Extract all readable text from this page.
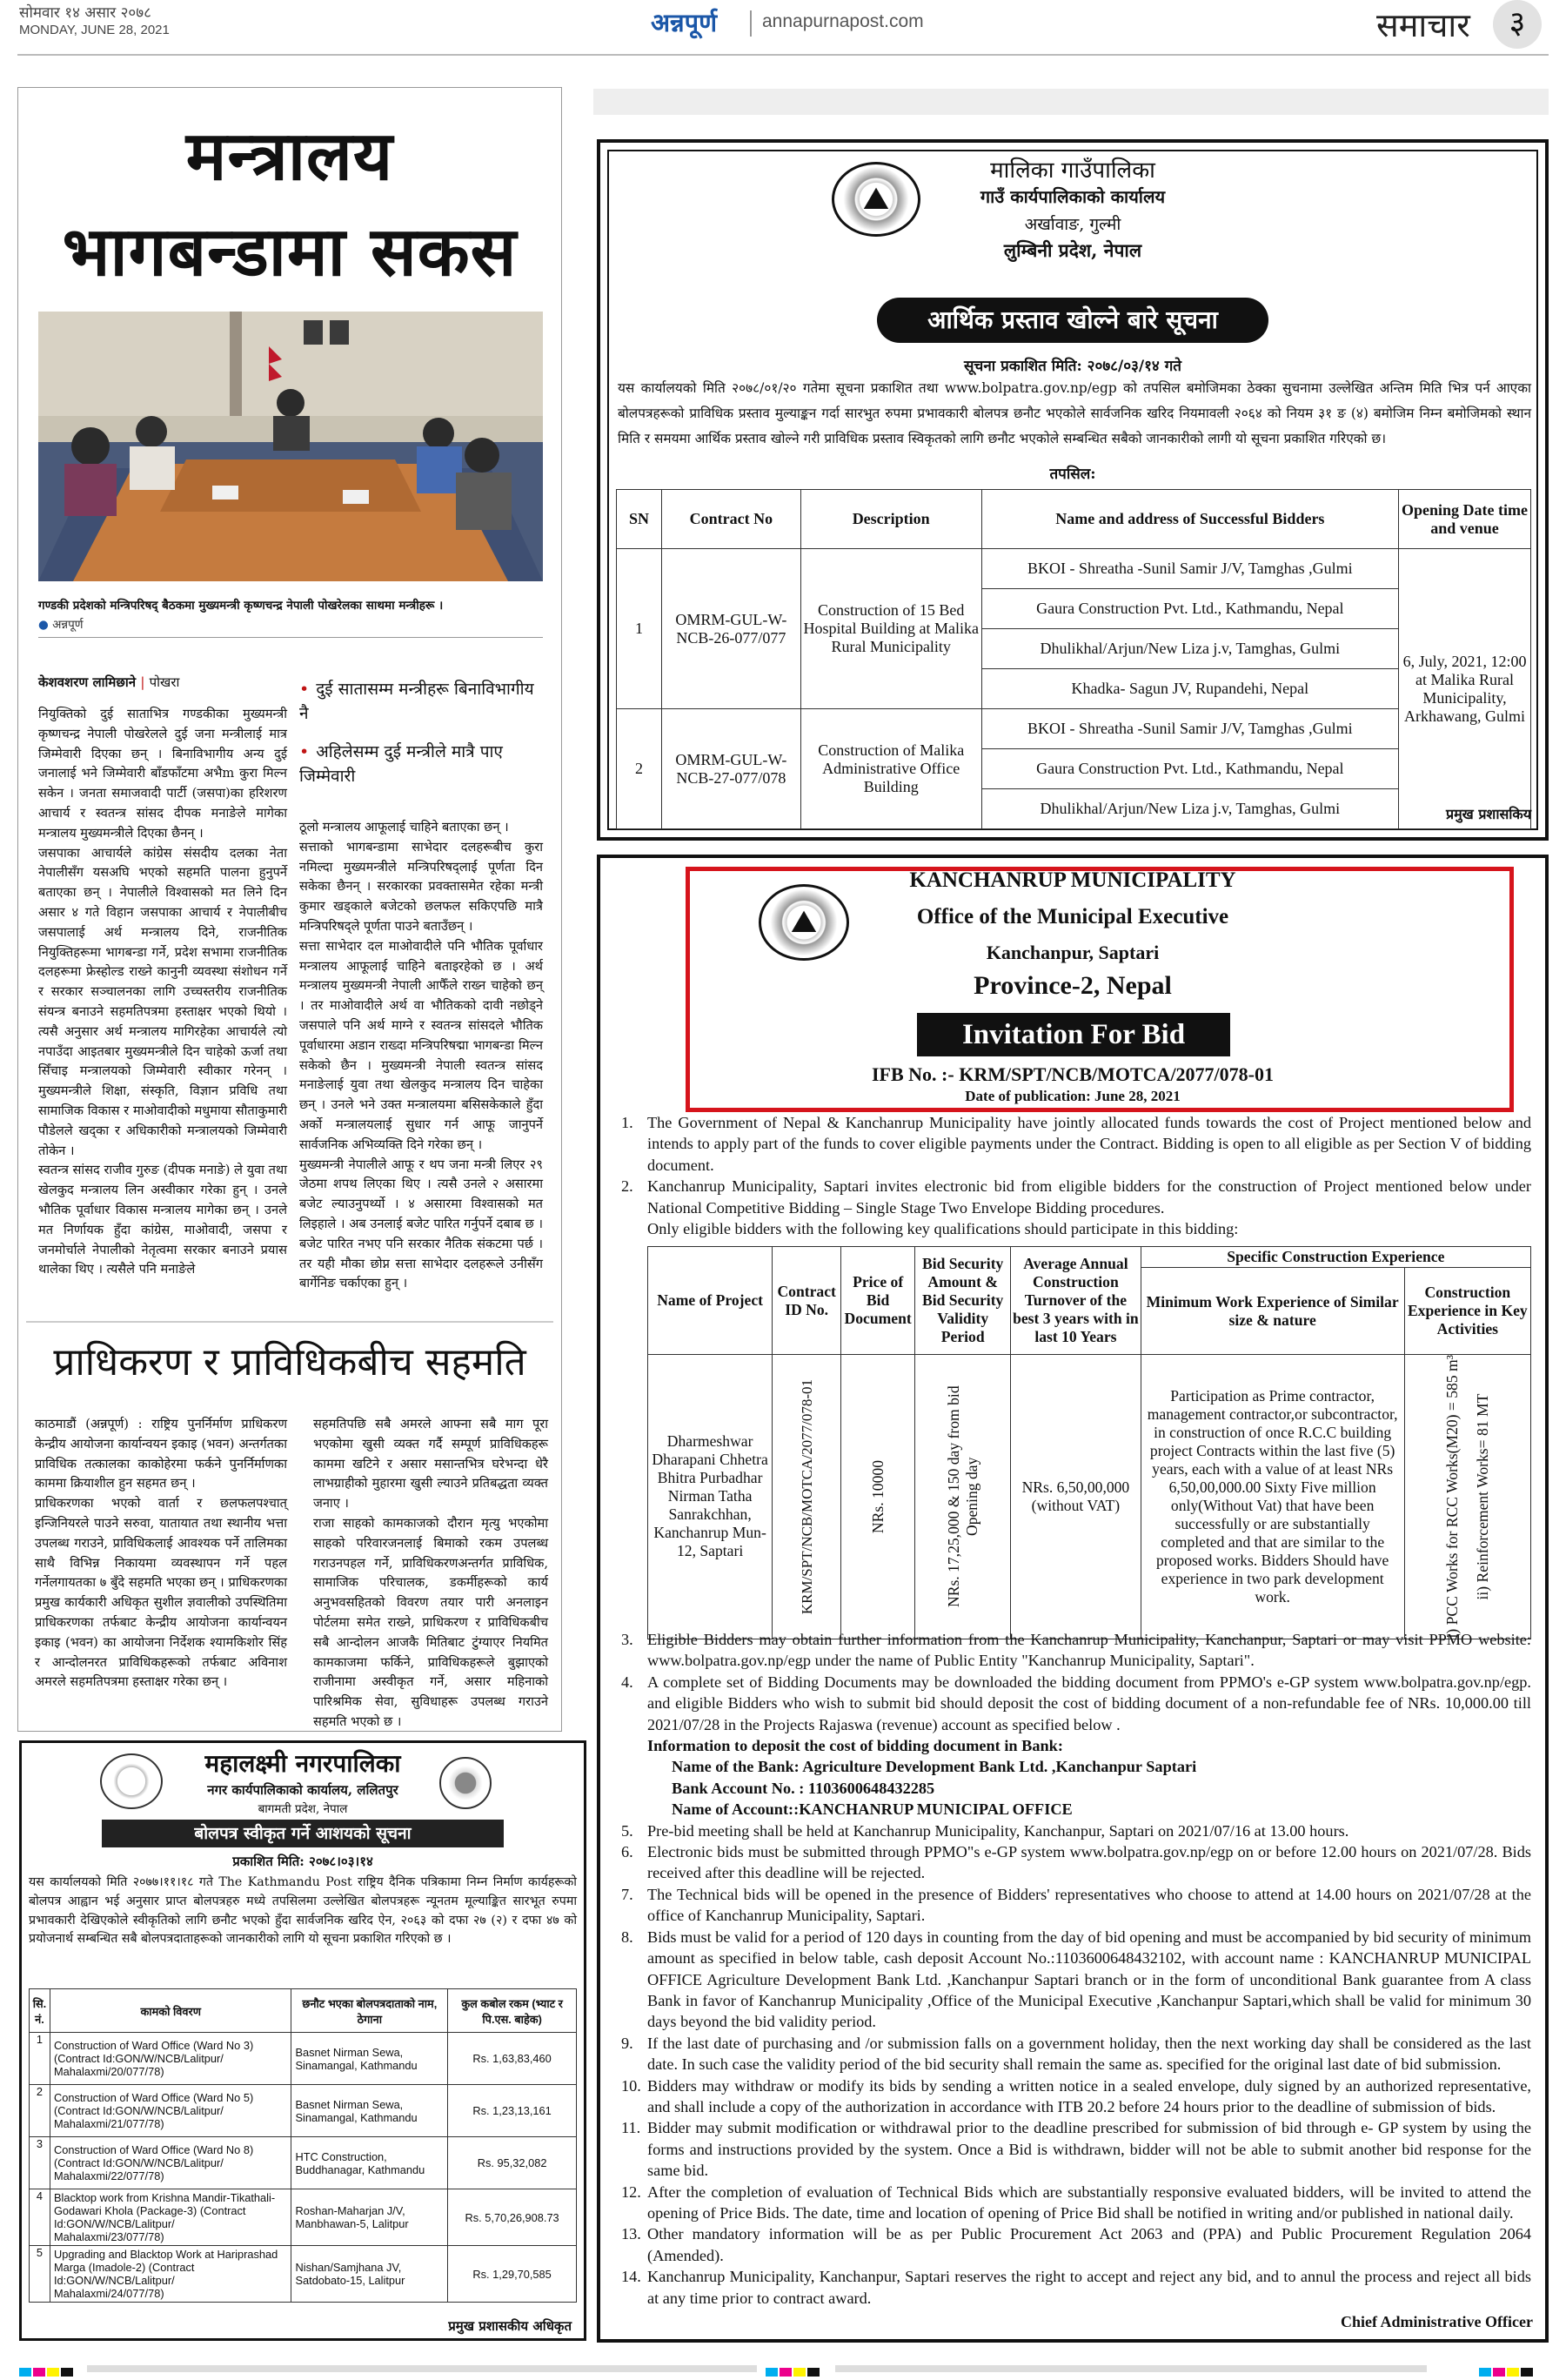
सोमवार १४ असार २०७८
MONDAY, JUNE 28, 2021	अन्नपूर्ण annapurnapost.com	समाचार	३
मन्त्रालय
भागबन्डामा सकस
गण्डकी प्रदेशको मन्त्रिपरिषद् बैठकमा मुख्यमन्त्री कृष्णचन्द्र नेपाली पोखरेलका साथमा मन्त्रीहरू ।
● अन्नपूर्ण
केशवशरण लामिछाने | पोखरा	• दुई सातासम्म मन्त्रीहरू बिनाविभागीय नै
• अहिलेसम्म दुई मन्त्रीले मात्रै पाए जिम्मेवारी
नियुक्तिको दुई साताभित्र गण्डकीका मुख्यमन्त्री कृष्णचन्द्र नेपाली पोखरेलले दुई जना मन्त्रीलाई मात्र जिम्मेवारी दिएका छन् । बिनाविभागीय अन्य दुई जनालाई भने जिम्मेवारी बाँडफाँटमा अभैm कुरा मिल्न सकेन । जनता समाजवादी पार्टी (जसपा)का हरिशरण आचार्य र स्वतन्त्र सांसद दीपक मनाङेले मागेका मन्त्रालय मुख्यमन्त्रीले दिएका छैनन् ।
जसपाका आचार्यले कांग्रेस संसदीय दलका नेता नेपालीसँग यसअघि भएको सहमति पालना हुनुपर्ने बताएका छन् । नेपालीले विश्वासको मत लिने दिन असार ४ गते विहान जसपाका आचार्य र नेपालीबीच जसपालाई अर्थ मन्त्रालय दिने, राजनीतिक नियुक्तिहरूमा भागबन्डा गर्ने, प्रदेश सभामा राजनीतिक दलहरूमा फ्रेस्होल्ड राख्ने कानुनी व्यवस्था संशोधन गर्ने र सरकार सञ्चालनका लागि उच्चस्तरीय राजनीतिक संयन्त्र बनाउने सहमतिपत्रमा हस्ताक्षर भएको थियो । त्यसै अनुसार अर्थ मन्त्रालय मागिरहेका आचार्यले त्यो नपाउँदा आइतबार मुख्यमन्त्रीले दिन चाहेको ऊर्जा तथा सिँचाइ मन्त्रालयको जिम्मेवारी स्वीकार गरेनन् । मुख्यमन्त्रीले शिक्षा, संस्कृति, विज्ञान प्रविधि तथा सामाजिक विकास र माओवादीको मधुमाया सौताकुमारी पौडेलले खद्का र अधिकारीको मन्त्रालयको जिम्मेवारी तोकेन ।
स्वतन्त्र सांसद राजीव गुरुङ (दीपक मनाङे) ले युवा तथा खेलकुद मन्त्रालय लिन अस्वीकार गरेका हुन् । उनले भौतिक पूर्वाधार विकास मन्त्रालय मागेका छन् । उनले मत निर्णायक हुँदा कांग्रेस, माओवादी, जसपा र जनमोर्चाले नेपालीको नेतृत्वमा सरकार बनाउने प्रयास थालेका थिए । त्यसैले पनि मनाङेले
ठूलो मन्त्रालय आफूलाई चाहिने बताएका छन् ।
सत्ताको भागबन्डामा साभेदार दलहरूबीच कुरा नमिल्दा मुख्यमन्त्रीले मन्त्रिपरिषद्लाई पूर्णता दिन सकेका छैनन् । सरकारका प्रवक्तासमेत रहेका मन्त्री कुमार खड्काले बजेटको छलफल सकिएपछि मात्रै मन्त्रिपरिषद्ले पूर्णता पाउने बताउँछन् ।
सत्ता साभेदार दल माओवादीले पनि भौतिक पूर्वाधार मन्त्रालय आफूलाई चाहिने बताइरहेको छ । अर्थ मन्त्रालय मुख्यमन्त्री नेपाली आफैँले राख्न चाहेको छन् । तर माओवादीले अर्थ वा भौतिकको दावी नछोड्ने जसपाले पनि अर्थ माग्ने र स्वतन्त्र सांसदले भौतिक पूर्वाधारमा अडान राख्दा मन्त्रिपरिषद्मा भागबन्डा मिल्न सकेको छैन । मुख्यमन्त्री नेपाली स्वतन्त्र सांसद मनाङेलाई युवा तथा खेलकुद मन्त्रालय दिन चाहेका छन् । उनले भने उक्त मन्त्रालयमा बसिसकेकाले हुँदा अर्को मन्त्रालयलाई सुधार गर्न आफू जानुपर्ने सार्वजनिक अभिव्यक्ति दिने गरेका छन् ।
मुख्यमन्त्री नेपालीले आफू र थप जना मन्त्री लिएर २९ जेठमा शपथ लिएका थिए । त्यसै उनले २ असारमा बजेट ल्याउनुपर्थ्यो । ४ असारमा विश्वासको मत लिइहाले । अब उनलाई बजेट पारित गर्नुपर्ने दबाब छ । बजेट पारित नभए पनि सरकार नैतिक संकटमा पर्छ । तर यही मौका छोप्न सत्ता साभेदार दलहरूले उनीसँग बार्गेनिङ चर्काएका हुन् ।
प्राधिकरण र प्राविधिकबीच सहमति
काठमाडौं (अन्नपूर्ण) : राष्ट्रिय पुनर्निर्माण प्राधिकरण केन्द्रीय आयोजना कार्यान्वयन इकाइ (भवन) अन्तर्गतका प्राविधिक तत्कालका काकोहेरमा फर्कने पुनर्निर्माणका काममा क्रियाशील हुन सहमत छन् ।
प्राधिकरणका भएको वार्ता र छलफलपश्चात् इन्जिनियरले पाउने सरुवा, यातायात तथा स्थानीय भत्ता उपलब्ध गराउने, प्राविधिकलाई आवश्यक पर्ने तालिमका साथै विभिन्न निकायमा व्यवस्थापन गर्ने पहल गर्नेलगायतका ७ बुँदे सहमति भएका छन् । प्राधिकरणका प्रमुख कार्यकारी अधिकृत सुशील ज्ञवालीको उपस्थितिमा प्राधिकरणका तर्फबाट केन्द्रीय आयोजना कार्यान्वयन इकाइ (भवन) का आयोजना निर्देशक श्यामकिशोर सिंह र आन्दोलनरत प्राविधिकहरूको तर्फबाट अविनाश अमरले सहमतिपत्रमा हस्ताक्षर गरेका छन् ।
सहमतिपछि सबै अमरले आफ्ना सबै माग पूरा भएकोमा खुसी व्यक्त गर्दै सम्पूर्ण प्राविधिकहरू काममा खटिने र असार मसान्तभित्र घरेभन्दा धेरै लाभग्राहीको मुहारमा खुसी ल्याउने प्रतिबद्धता व्यक्त जनाए ।
राजा साहको कामकाजको दौरान मृत्यु भएकोमा साहको परिवारजनलाई बिमाको रकम उपलब्ध गराउनपहल गर्ने, प्राविधिकरणअन्तर्गत प्राविधिक, सामाजिक परिचालक, डकर्मीहरूको कार्य अनुभवसहितको विवरण तयार पारी अनलाइन पोर्टलमा समेत राख्ने, प्राधिकरण र प्राविधिकबीच सबै आन्दोलन आजकै मितिबाट टुंग्याएर नियमित कामकाजमा फर्किने, प्राविधिकहरूले बुझाएको राजीनामा अस्वीकृत गर्ने, असार महिनाको पारिश्रमिक सेवा, सुविधाहरू उपलब्ध गराउने सहमति भएको छ ।
महालक्ष्मी नगरपालिका
नगर कार्यपालिकाको कार्यालय, ललितपुर
बागमती प्रदेश, नेपाल
बोलपत्र स्वीकृत गर्ने आशयको सूचना
प्रकाशित मिति: २०७८।०३।१४
यस कार्यालयको मिति २०७७।११।१८ गते The Kathmandu Post राष्ट्रिय दैनिक पत्रिकामा निम्न निर्माण कार्यहरूको बोलपत्र आह्वान भई अनुसार प्राप्त बोलपत्रहरु मध्ये तपसिलमा उल्लेखित बोलपत्रहरू न्यूनतम मूल्याङ्कित सारभूत रुपमा प्रभावकारी देखिएकोले स्वीकृतिको लागि छनौट भएको हुँदा सार्वजनिक खरिद ऐन, २०६३ को दफा २७ (२) र दफा ४७ को प्रयोजनार्थ सम्बन्धित सबै बोलपत्रदाताहरूको जानकारीको लागि यो सूचना प्रकाशित गरिएको छ ।
सि. नं.	कामको विवरण	छनौट भएका बोलपत्रदाताको नाम, ठेगाना	कुल कबोल रकम (भ्याट र पि.एस. बाहेक)
1	Construction of Ward Office (Ward No 3) (Contract Id:GON/W/NCB/Lalitpur/ Mahalaxmi/20/077/78)	Basnet Nirman Sewa, Sinamangal, Kathmandu	Rs. 1,63,83,460
2	Construction of Ward Office (Ward No 5) (Contract Id:GON/W/NCB/Lalitpur/ Mahalaxmi/21/077/78)	Basnet Nirman Sewa, Sinamangal, Kathmandu	Rs. 1,23,13,161
3	Construction of Ward Office (Ward No 8) (Contract Id:GON/W/NCB/Lalitpur/ Mahalaxmi/22/077/78)	HTC Construction, Buddhanagar, Kathmandu	Rs. 95,32,082
4	Blacktop work from Krishna Mandir-Tikathali-Godawari Khola (Package-3) (Contract Id:GON/W/NCB/Lalitpur/ Mahalaxmi/23/077/78)	Roshan-Maharjan J/V, Manbhawan-5, Lalitpur	Rs. 5,70,26,908.73
5	Upgrading and Blacktop Work at Hariprashad Marga (Imadole-2) (Contract Id:GON/W/NCB/Lalitpur/ Mahalaxmi/24/077/78)	Nishan/Samjhana JV, Satdobato-15, Lalitpur	Rs. 1,29,70,585
प्रमुख प्रशासकीय अधिकृत
⛰
मालिका गाउँपालिका
गाउँ कार्यपालिकाको कार्यालय
अर्खावाङ, गुल्मी
लुम्बिनी प्रदेश, नेपाल
आर्थिक प्रस्ताव खोल्ने बारे सूचना
सूचना प्रकाशित मिति: २०७८/०३/१४ गते
यस कार्यालयको मिति २०७८/०१/२० गतेमा सूचना प्रकाशित तथा www.bolpatra.gov.np/egp को तपसिल बमोजिमका ठेक्का सुचनामा उल्लेखित अन्तिम मिति भित्र पर्न आएका बोलपत्रहरूको प्राविधिक प्रस्ताव मुल्याङ्कन गर्दा सारभुत रुपमा प्रभावकारी बोलपत्र छनौट भएकोले सार्वजनिक खरिद नियमावली २०६४ को नियम ३१ ङ (४) बमोजिम निम्न बमोजिमको स्थान मिति र समयमा आर्थिक प्रस्ताव खोल्ने गरी प्राविधिक प्रस्ताव स्विकृतको लागि छनौट भएकोले सम्बन्धित सबैको जानकारीको लागी यो सूचना प्रकाशित गरिएको छ।
तपसिल:
SN	Contract No	Description	Name and address of Successful Bidders	Opening Date time and venue
1	OMRM-GUL-W-NCB-26-077/077	Construction of 15 Bed Hospital Building at Malika Rural Municipality	BKOI - Shreatha -Sunil Samir J/V, Tamghas ,Gulmi	6, July, 2021, 12:00 at Malika Rural Municipality, Arkhawang, Gulmi
			Gaura Construction Pvt. Ltd., Kathmandu, Nepal	
			Dhulikhal/Arjun/New Liza j.v, Tamghas, Gulmi	
			Khadka- Sagun JV, Rupandehi, Nepal	
2	OMRM-GUL-W-NCB-27-077/078	Construction of Malika Administrative Office Building	BKOI - Shreatha -Sunil Samir J/V, Tamghas ,Gulmi	
			Gaura Construction Pvt. Ltd., Kathmandu, Nepal	
			Dhulikhal/Arjun/New Liza j.v, Tamghas, Gulmi		प्रमुख प्रशासकिय
⛰
KANCHANRUP MUNICIPALITY
Office of the Municipal Executive
Kanchanpur, Saptari
Province-2, Nepal
Invitation For Bid
IFB No. :- KRM/SPT/NCB/MOTCA/2077/078-01
Date of publication: June 28, 2021
1. The Government of Nepal & Kanchanrup Municipality have jointly allocated funds towards the cost of Project mentioned below and intends to apply part of the funds to cover eligible payments under the Contract. Bidding is open to all eligible as per Section V of bidding document.
2. Kanchanrup Municipality, Saptari invites electronic bid from eligible bidders for the construction of Project mentioned below under National Competitive Bidding – Single Stage Two Envelope Bidding procedures.
Only eligible bidders with the following key qualifications should participate in this bidding:
Name of Project	Contract ID No.	Price of Bid Document	Bid Security Amount & Bid Security Validity Period	Average Annual Construction Turnover of the best 3 years with in last 10 Years	Specific Construction Experience	
					Minimum Work Experience of Similar size & nature	Construction Experience in Key Activities
Dharmeshwar Dharapani Chhetra Bhitra Purbadhar Nirman Tatha Sanrakchhan, Kanchanrup Mun-12, Saptari	KRM/SPT/NCB/MOTCA/2077/078-01	NRs. 10000	NRs. 17,25,000 & 150 day from bid Opening day	NRs. 6,50,00,000 (without VAT)	Participation as Prime contractor, management contractor,or subcontractor, in construction of once R.C.C building project Contracts within the last five (5) years, each with a value of at least NRs 6,50,00,000.00 Sixty Five million only(Without Vat) that have been successfully or are substantially completed and that are similar to the proposed works. Bidders Should have experience in two park development work.	i) PCC Works for RCC Works(M20) = 585 m³ ii) Reinforcement Works= 81 MT
3. Eligible Bidders may obtain further information from the Kanchanrup Municipality, Kanchanpur, Saptari or may visit PPMO website: www.bolpatra.gov.np/egp under the name of Public Entity "Kanchanrup Municipality, Saptari".
4. A complete set of Bidding Documents may be downloaded the bidding document from PPMO's e-GP system www.bolpatra.gov.np/egp. and eligible Bidders who wish to submit bid should deposit the cost of bidding document of a non-refundable fee of NRs. 10,000.00 till 2021/07/28 in the Projects Rajaswa (revenue) account as specified below .
Information to deposit the cost of bidding document in Bank:
Name of the Bank: Agriculture Development Bank Ltd. ,Kanchanpur Saptari
Bank Account No. : 1103600648432285
Name of Account::KANCHANRUP MUNICIPAL OFFICE
5. Pre-bid meeting shall be held at Kanchanrup Municipality, Kanchanpur, Saptari on 2021/07/16 at 13.00 hours.
6. Electronic bids must be submitted through PPMO"s e-GP system www.bolpatra.gov.np/egp on or before 12.00 hours on 2021/07/28. Bids received after this deadline will be rejected.
7. The Technical bids will be opened in the presence of Bidders' representatives who choose to attend at 14.00 hours on 2021/07/28 at the office of Kanchanrup Municipality, Saptari.
8. Bids must be valid for a period of 120 days in counting from the day of bid opening and must be accompanied by bid security of minimum amount as specified in below table, cash deposit Account No.:1103600648432102, with account name : KANCHANRUP MUNICIPAL OFFICE Agriculture Development Bank Ltd. ,Kanchanpur Saptari branch or in the form of unconditional Bank guarantee from A class Bank in favor of Kanchanrup Municipality ,Office of the Municipal Executive ,Kanchanpur Saptari,which shall be valid for minimum 30 days beyond the bid validity period.
9. If the last date of purchasing and /or submission falls on a government holiday, then the next working day shall be considered as the last date. In such case the validity period of the bid security shall remain the same as. specified for the original last date of bid submission.
10. Bidders may withdraw or modify its bids by sending a written notice in a sealed envelope, duly signed by an authorized representative, and shall include a copy of the authorization in accordance with ITB 20.2 before 24 hours prior to the deadline of submission of bids.
11. Bidder may submit modification or withdrawal prior to the deadline prescribed for submission of bid through e- GP system by using the forms and instructions provided by the system. Once a Bid is withdrawn, bidder will not be able to submit another bid response for the same bid.
12. After the completion of evaluation of Technical Bids which are substantially responsive evaluated bidders, will be invited to attend the opening of Price Bids. The date, time and location of opening of Price Bid shall be notified in writing and/or published in national daily.
13. Other mandatory information will be as per Public Procurement Act 2063 and (PPA) and Public Procurement Regulation 2064 (Amended).
14. Kanchanrup Municipality, Kanchanpur, Saptari reserves the right to accept and reject any bid, and to annul the process and reject all bids at any time prior to contract award.
Chief Administrative Officer
